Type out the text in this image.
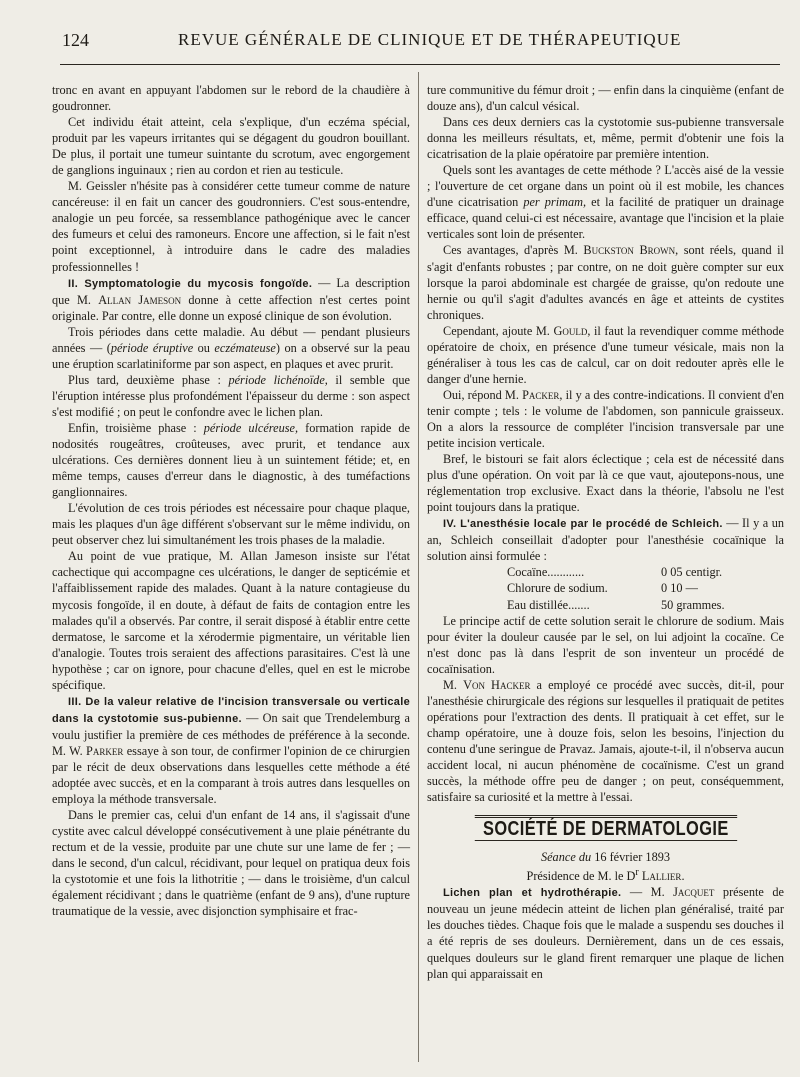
124	REVUE GÉNÉRALE DE CLINIQUE ET DE THÉRAPEUTIQUE

tronc en avant en appuyant l'abdomen sur le rebord de la chaudière à goudronner.

Cet individu était atteint, cela s'explique, d'un eczéma spécial, produit par les vapeurs irritantes qui se dégagent du goudron bouillant. De plus, il portait une tumeur suintante du scrotum, avec engorgement de ganglions inguinaux ; rien au cordon et rien au testicule.

M. Geissler n'hésite pas à considérer cette tumeur comme de nature cancéreuse: il en fait un cancer des goudronniers. C'est sous-entendre, analogie un peu forcée, sa ressemblance pathogénique avec le cancer des fumeurs et celui des ramoneurs. Encore une affection, si le fait n'est point exceptionnel, à introduire dans le cadre des maladies professionnelles !

II. Symptomatologie du mycosis fongoïde. — La description que M. Allan Jameson donne à cette affection n'est certes point originale. Par contre, elle donne un exposé clinique de son évolution.

Trois périodes dans cette maladie. Au début — pendant plusieurs années — (période éruptive ou eczémateuse) on a observé sur la peau une éruption scarlatiniforme par son aspect, en plaques et avec prurit.

Plus tard, deuxième phase : période lichénoïde, il semble que l'éruption intéresse plus profondément l'épaisseur du derme : son aspect s'est modifié ; on peut le confondre avec le lichen plan.

Enfin, troisième phase : période ulcéreuse, formation rapide de nodosités rougeâtres, croûteuses, avec prurit, et tendance aux ulcérations. Ces dernières donnent lieu à un suintement fétide; et, en même temps, causes d'erreur dans le diagnostic, à des tuméfactions ganglionnaires.

L'évolution de ces trois périodes est nécessaire pour chaque plaque, mais les plaques d'un âge différent s'observant sur le même individu, on peut observer chez lui simultanément les trois phases de la maladie.

Au point de vue pratique, M. Allan Jameson insiste sur l'état cachectique qui accompagne ces ulcérations, le danger de septicémie et l'affaiblissement rapide des malades. Quant à la nature contagieuse du mycosis fongoïde, il en doute, à défaut de faits de contagion entre les malades qu'il a observés. Par contre, il serait disposé à établir entre cette dermatose, le sarcome et la xérodermie pigmentaire, un véritable lien d'analogie. Toutes trois seraient des affections parasitaires. C'est là une hypothèse ; car on ignore, pour chacune d'elles, quel en est le microbe spécifique.

III. De la valeur relative de l'incision transversale ou verticale dans la cystotomie sus-pubienne. — On sait que Trendelemburg a voulu justifier la première de ces méthodes de préférence à la seconde. M. W. Parker essaye à son tour, de confirmer l'opinion de ce chirurgien par le récit de deux observations dans lesquelles cette méthode a été adoptée avec succès, et en la comparant à trois autres dans lesquelles on employa la méthode transversale.

Dans le premier cas, celui d'un enfant de 14 ans, il s'agissait d'une cystite avec calcul développé consécutivement à une plaie pénétrante du rectum et de la vessie, produite par une chute sur une lame de fer ; — dans le second, d'un calcul, récidivant, pour lequel on pratiqua deux fois la cystotomie et une fois la lithotritie ; — dans le troisième, d'un calcul également récidivant ; dans le quatrième (enfant de 9 ans), d'une rupture traumatique de la vessie, avec disjonction symphisaire et frac-

ture communitive du fémur droit ; — enfin dans la cinquième (enfant de douze ans), d'un calcul vésical.

Dans ces deux derniers cas la cystotomie sus-pubienne transversale donna les meilleurs résultats, et, même, permit d'obtenir une fois la cicatrisation de la plaie opératoire par première intention.

Quels sont les avantages de cette méthode ? L'accès aisé de la vessie ; l'ouverture de cet organe dans un point où il est mobile, les chances d'une cicatrisation per primam, et la facilité de pratiquer un drainage efficace, quand celui-ci est nécessaire, avantage que l'incision et la plaie verticales sont loin de présenter.

Ces avantages, d'après M. Buckston Brown, sont réels, quand il s'agit d'enfants robustes ; par contre, on ne doit guère compter sur eux lorsque la paroi abdominale est chargée de graisse, qu'on redoute une hernie ou qu'il s'agit d'adultes avancés en âge et atteints de cystites chroniques.

Cependant, ajoute M. Gould, il faut la revendiquer comme méthode opératoire de choix, en présence d'une tumeur vésicale, mais non la généraliser à tous les cas de calcul, car on doit redouter après elle le danger d'une hernie.

Oui, répond M. Packer, il y a des contre-indications. Il convient d'en tenir compte ; tels : le volume de l'abdomen, son pannicule graisseux. On a alors la ressource de compléter l'incision transversale par une petite incision verticale.

Bref, le bistouri se fait alors éclectique ; cela est de nécessité dans plus d'une opération. On voit par là ce que vaut, ajoutерons-nous, une réglementation trop exclusive. Exact dans la théorie, l'absolu ne l'est point toujours dans la pratique.

IV. L'anesthésie locale par le procédé de Schleich. — Il y a un an, Schleich conseillait d'adopter pour l'anesthésie cocaïnique la solution ainsi formulée :

Cocaïne............	0 05 centigr.
Chlorure de sodium.	0 10 —
Eau distillée.......	50 grammes.

Le principe actif de cette solution serait le chlorure de sodium. Mais pour éviter la douleur causée par le sel, on lui adjoint la cocaïne. Ce n'est donc pas là dans l'esprit de son inventeur un procédé de cocaïnisation.

M. Von Hacker a employé ce procédé avec succès, dit-il, pour l'anesthésie chirurgicale des régions sur lesquelles il pratiquait de petites opérations pour l'extraction des dents. Il pratiquait à cet effet, sur le champ opératoire, une à douze fois, selon les besoins, l'injection du contenu d'une seringue de Pravaz. Jamais, ajoute-t-il, il n'observa aucun accident local, ni aucun phénomène de cocaïnisme. C'est un grand succès, la méthode offre peu de danger ; on peut, conséquemment, satisfaire sa curiosité et la mettre à l'essai.

SOCIÉTÉ DE DERMATOLOGIE
Séance du 16 février 1893
Présidence de M. le $D^r$ Lallier.

Lichen plan et hydrothérapie. — M. Jacquet présente de nouveau un jeune médecin atteint de lichen plan généralisé, traité par les douches tièdes. Chaque fois que le malade a suspendu ses douches il a été repris de ses douleurs. Dernièrement, dans un de ces essais, quelques douleurs sur le gland firent remarquer une plaque de lichen plan qui apparaissait en
